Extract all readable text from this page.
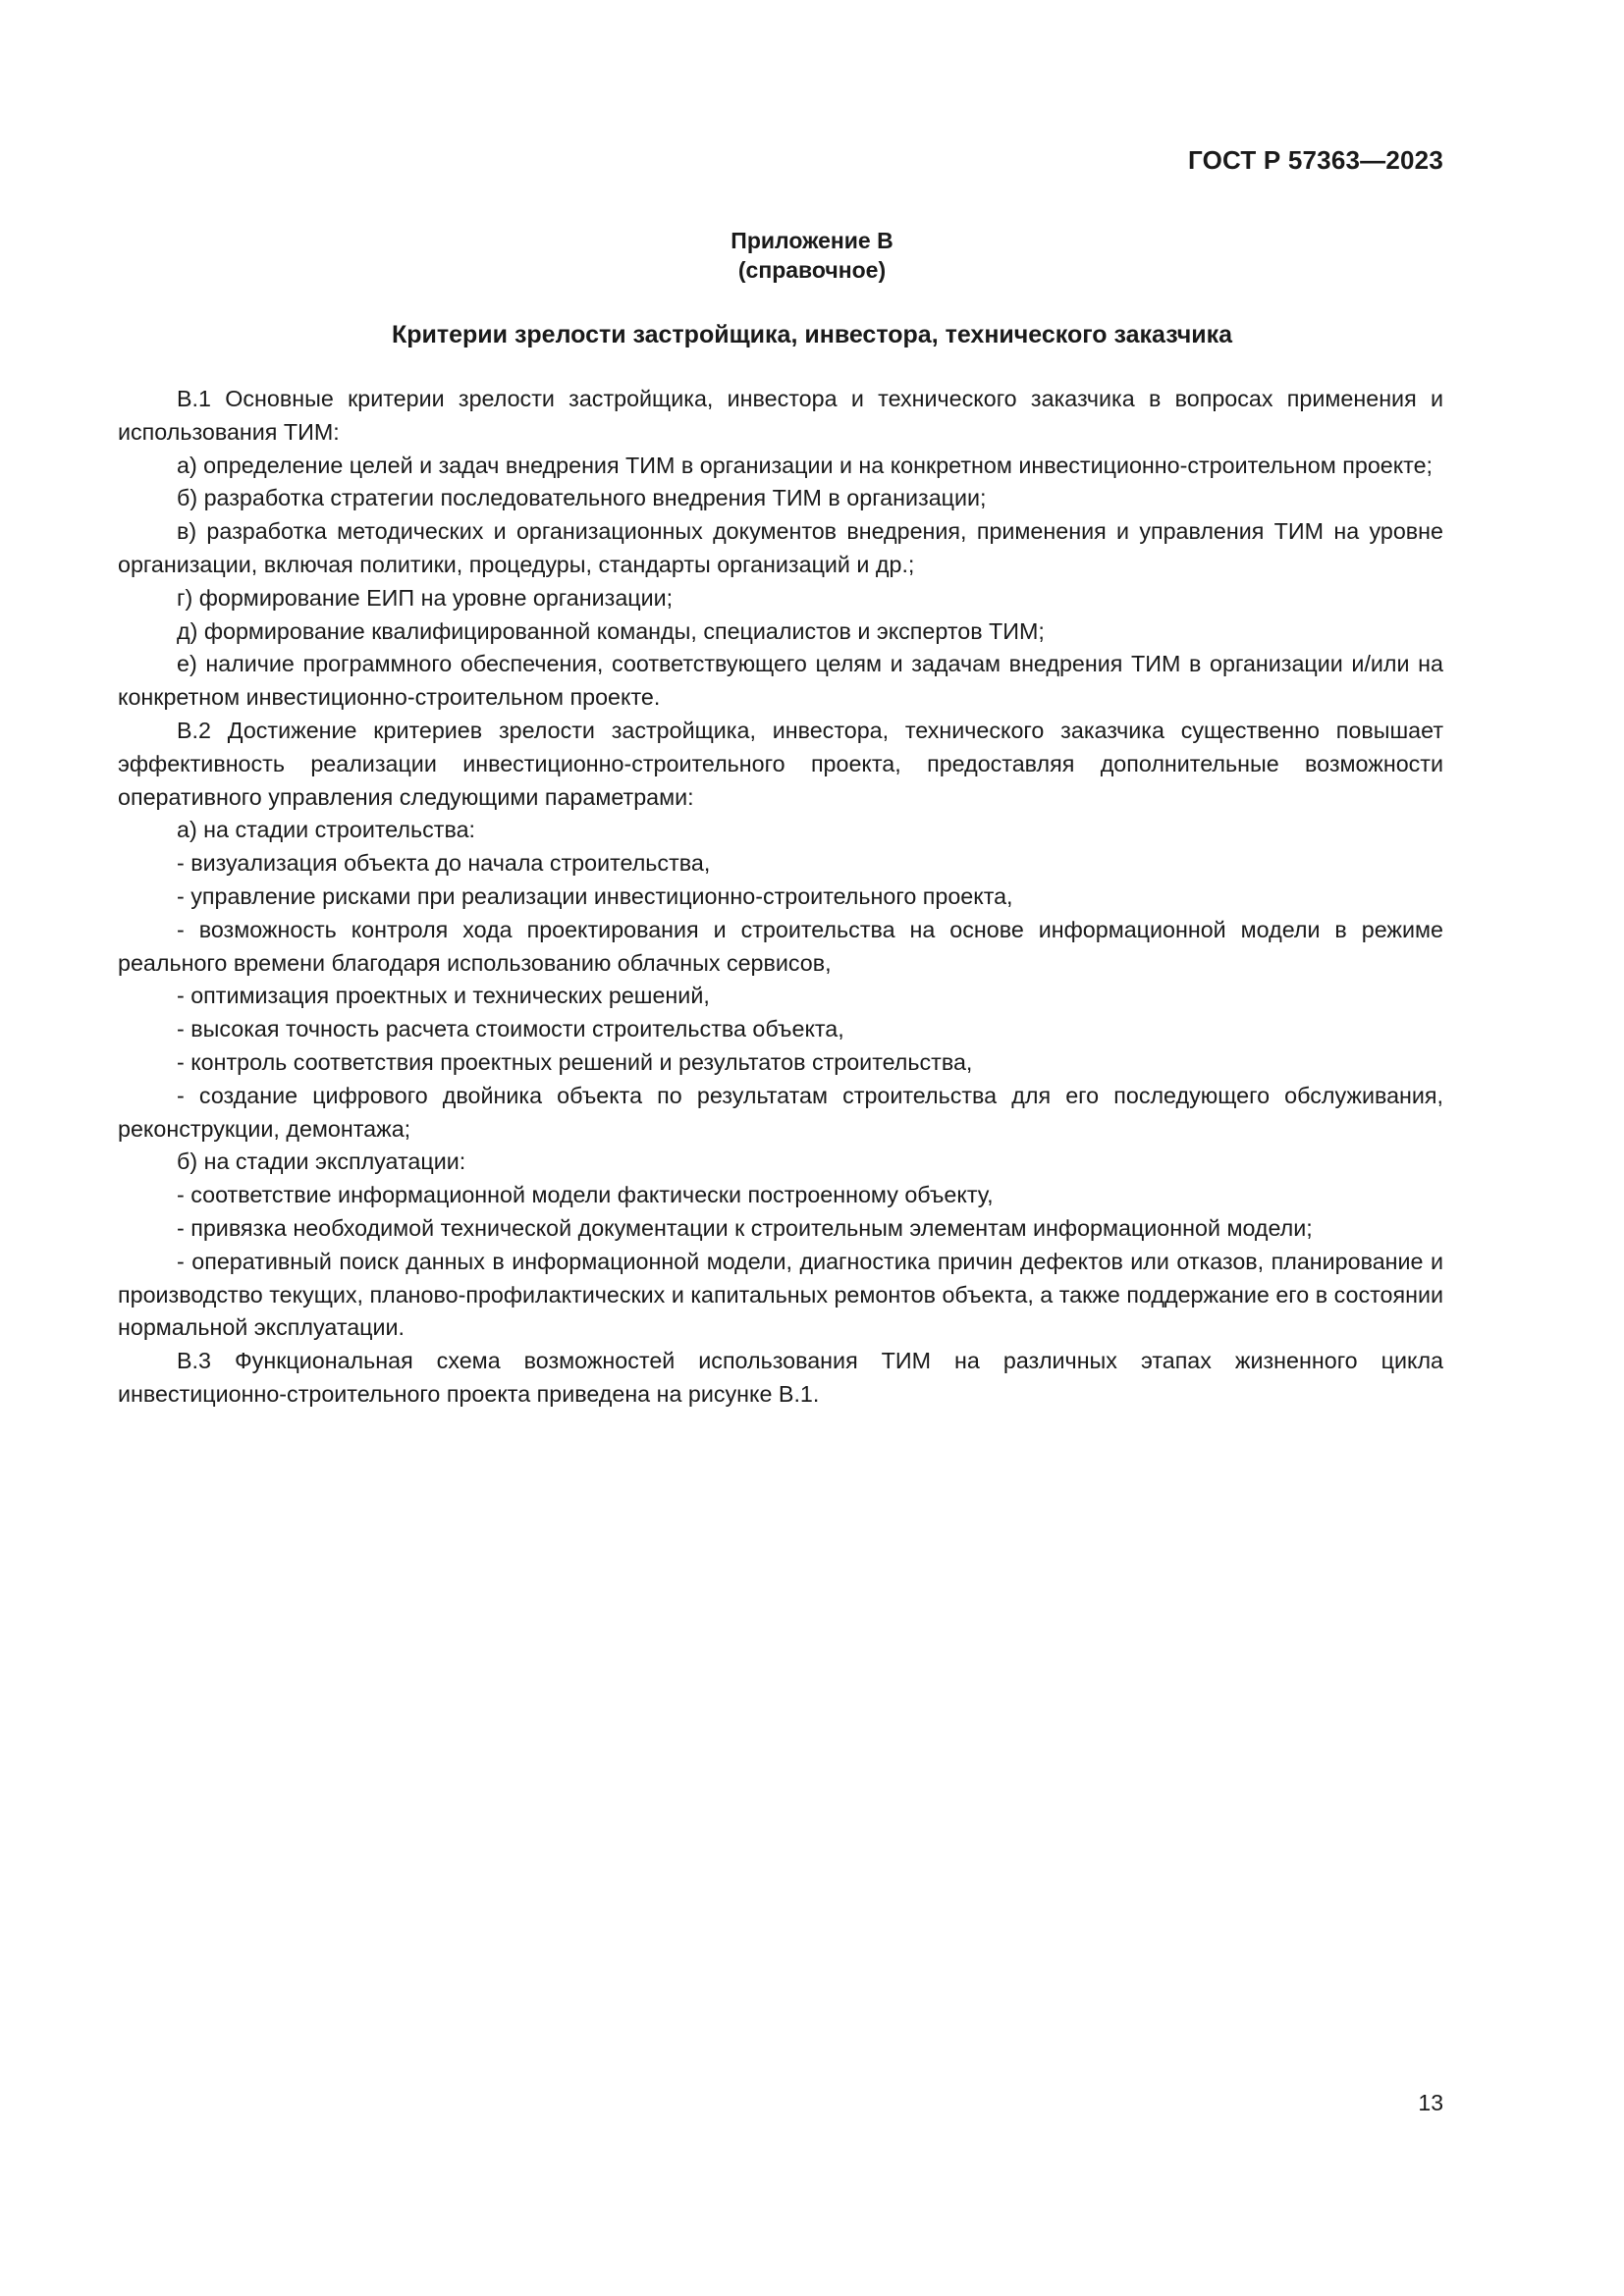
ГОСТ Р 57363—2023
Приложение В
(справочное)
Критерии зрелости застройщика, инвестора, технического заказчика

В.1 Основные критерии зрелости застройщика, инвестора и технического заказчика в вопросах применения и использования ТИМ:

а) определение целей и задач внедрения ТИМ в организации и на конкретном инвестиционно-строительном проекте;

б) разработка стратегии последовательного внедрения ТИМ в организации;

в) разработка методических и организационных документов внедрения, применения и управления ТИМ на уровне организации, включая политики, процедуры, стандарты организаций и др.;

г) формирование ЕИП на уровне организации;

д) формирование квалифицированной команды, специалистов и экспертов ТИМ;

е) наличие программного обеспечения, соответствующего целям и задачам внедрения ТИМ в организации и/или на конкретном инвестиционно-строительном проекте.

В.2 Достижение критериев зрелости застройщика, инвестора, технического заказчика существенно повышает эффективность реализации инвестиционно-строительного проекта, предоставляя дополнительные возможности оперативного управления следующими параметрами:

а) на стадии строительства:

- визуализация объекта до начала строительства,

- управление рисками при реализации инвестиционно-строительного проекта,

- возможность контроля хода проектирования и строительства на основе информационной модели в режиме реального времени благодаря использованию облачных сервисов,

- оптимизация проектных и технических решений,

- высокая точность расчета стоимости строительства объекта,

- контроль соответствия проектных решений и результатов строительства,

- создание цифрового двойника объекта по результатам строительства для его последующего обслуживания, реконструкции, демонтажа;

б) на стадии эксплуатации:

- соответствие информационной модели фактически построенному объекту,

- привязка необходимой технической документации к строительным элементам информационной модели;

- оперативный поиск данных в информационной модели, диагностика причин дефектов или отказов, планирование и производство текущих, планово-профилактических и капитальных ремонтов объекта, а также поддержание его в состоянии нормальной эксплуатации.

В.3 Функциональная схема возможностей использования ТИМ на различных этапах жизненного цикла инвестиционно-строительного проекта приведена на рисунке В.1.

13
